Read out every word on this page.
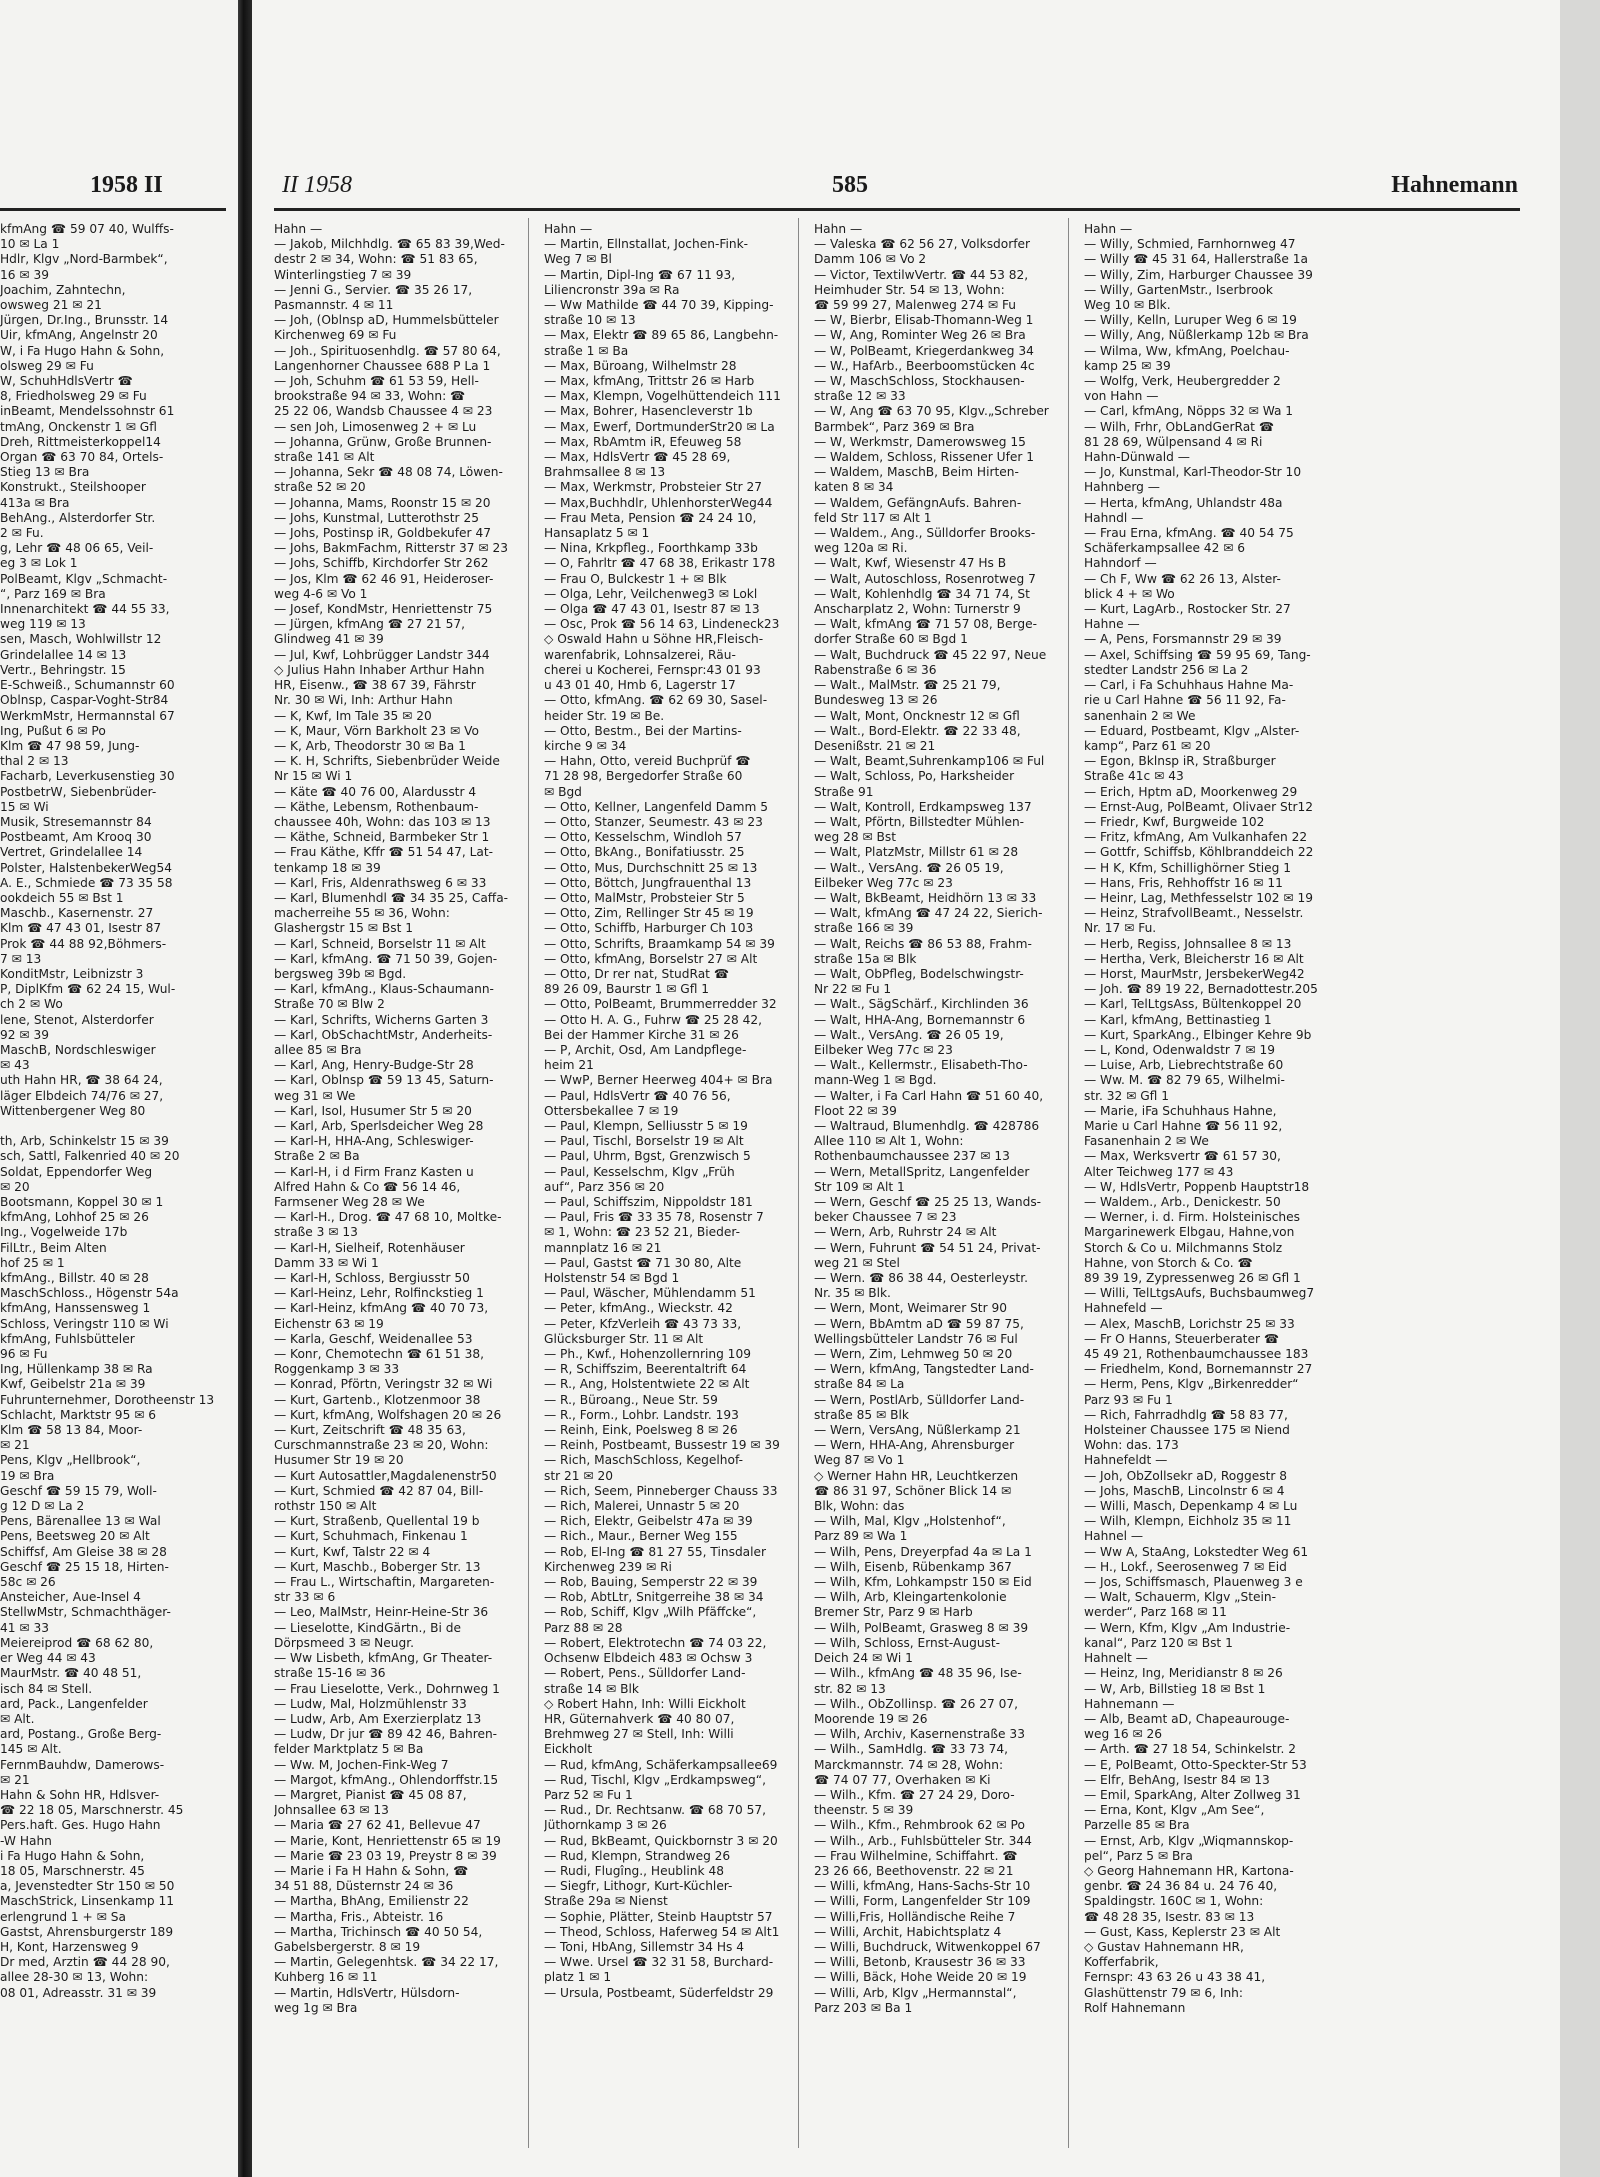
1958 II
kfmAng ☎ 59 07 40, Wulffs-
10 ✉ La 1
Hdlr, Klgv „Nord-Barmbek“,
16 ✉ 39
Joachim, Zahntechn,
owsweg 21 ✉ 21
Jürgen, Dr.Ing., Brunsstr. 14
Uir, kfmAng, Angelnstr 20
W, i Fa Hugo Hahn & Sohn,
olsweg 29 ✉ Fu
W, SchuhHdlsVertr ☎
8, Friedholsweg 29 ✉ Fu
inBeamt, Mendelssohnstr 61
tmAng, Onckenstr 1 ✉ Gfl
Dreh, Rittmeisterkoppel14
Organ ☎ 63 70 84, Ortels-
Stieg 13 ✉ Bra
Konstrukt., Steilshooper
413a ✉ Bra
BehAng., Alsterdorfer Str.
2 ✉ Fu.
g, Lehr ☎ 48 06 65, Veil-
eg 3 ✉ Lok 1
PolBeamt, Klgv „Schmacht-
“, Parz 169 ✉ Bra
Innenarchitekt ☎ 44 55 33,
weg 119 ✉ 13
sen, Masch, Wohlwillstr 12
Grindelallee 14 ✉ 13
Vertr., Behringstr. 15
E-Schweiß., Schumannstr 60
Oblnsp, Caspar-Voght-Str84
WerkmMstr, Hermannstal 67
Ing, Pußut 6 ✉ Po
Klm ☎ 47 98 59, Jung-
thal 2 ✉ 13
Facharb, Leverkusenstieg 30
PostbetrW, Siebenbrüder-
15 ✉ Wi
Musik, Stresemannstr 84
Postbeamt, Am Krooq 30
Vertret, Grindelallee 14
Polster, HalstenbekerWeg54
A. E., Schmiede ☎ 73 35 58
ookdeich 55 ✉ Bst 1
Maschb., Kasernenstr. 27
Klm ☎ 47 43 01, Isestr 87
Prok ☎ 44 88 92,Böhmers-
7 ✉ 13
KonditMstr, Leibnizstr 3
P, DiplKfm ☎ 62 24 15, Wul-
ch 2 ✉ Wo
lene, Stenot, Alsterdorfer
92 ✉ 39
MaschB, Nordschleswiger
✉ 43
uth Hahn HR, ☎ 38 64 24,
läger Elbdeich 74/76 ✉ 27,
Wittenbergener Weg 80

th, Arb, Schinkelstr 15 ✉ 39
sch, Sattl, Falkenried 40 ✉ 20
Soldat, Eppendorfer Weg
✉ 20
Bootsmann, Koppel 30 ✉ 1
kfmAng, Lohhof 25 ✉ 26
Ing., Vogelweide 17b
FilLtr., Beim Alten
hof 25 ✉ 1
kfmAng., Billstr. 40 ✉ 28
MaschSchloss., Högenstr 54a
kfmAng, Hanssensweg 1
Schloss, Veringstr 110 ✉ Wi
kfmAng, Fuhlsbütteler
96 ✉ Fu
Ing, Hüllenkamp 38 ✉ Ra
Kwf, Geibelstr 21a ✉ 39
Fuhrunternehmer, Dorotheenstr 13
Schlacht, Marktstr 95 ✉ 6
Klm ☎ 58 13 84, Moor-
✉ 21
Pens, Klgv „Hellbrook“,
19 ✉ Bra
Geschf ☎ 59 15 79, Woll-
g 12 D ✉ La 2
Pens, Bärenallee 13 ✉ Wal
Pens, Beetsweg 20 ✉ Alt
Schiffsf, Am Gleise 38 ✉ 28
Geschf ☎ 25 15 18, Hirten-
58c ✉ 26
Ansteicher, Aue-Insel 4
StellwMstr, Schmachthäger-
41 ✉ 33
Meiereiprod ☎ 68 62 80,
er Weg 44 ✉ 43
MaurMstr. ☎ 40 48 51,
isch 84 ✉ Stell.
ard, Pack., Langenfelder
✉ Alt.
ard, Postang., Große Berg-
145 ✉ Alt.
FernmBauhdw, Damerows-
✉ 21
Hahn & Sohn HR, Hdlsver-
☎ 22 18 05, Marschnerstr. 45
Pers.haft. Ges. Hugo Hahn
-W Hahn
i Fa Hugo Hahn & Sohn,
18 05, Marschnerstr. 45
a, Jevenstedter Str 150 ✉ 50
MaschStrick, Linsenkamp 11
erlengrund 1 + ✉ Sa
Gastst, Ahrensburgerstr 189
H, Kont, Harzensweg 9
Dr med, Arztin ☎ 44 28 90,
allee 28-30 ✉ 13, Wohn:
08 01, Adreasstr. 31 ✉ 39
II 1958	585	Hahnemann
Hahn —
— Jakob, Milchhdlg. ☎ 65 83 39,Wed-
destr 2 ✉ 34, Wohn: ☎ 51 83 65,
Winterlingstieg 7 ✉ 39
— Jenni G., Servier. ☎ 35 26 17,
Pasmannstr. 4 ✉ 11
— Joh, (Oblnsp aD, Hummelsbütteler
Kirchenweg 69 ✉ Fu
— Joh., Spirituosenhdlg. ☎ 57 80 64,
Langenhorner Chaussee 688 P La 1
— Joh, Schuhm ☎ 61 53 59, Hell-
brookstraße 94 ✉ 33, Wohn: ☎
25 22 06, Wandsb Chaussee 4 ✉ 23
— sen Joh, Limosenweg 2 + ✉ Lu
— Johanna, Grünw, Große Brunnen-
straße 141 ✉ Alt
— Johanna, Sekr ☎ 48 08 74, Löwen-
straße 52 ✉ 20
— Johanna, Mams, Roonstr 15 ✉ 20
— Johs, Kunstmal, Lutterothstr 25
— Johs, Postinsp iR, Goldbekufer 47
— Johs, BakmFachm, Ritterstr 37 ✉ 23
— Johs, Schiffb, Kirchdorfer Str 262
— Jos, Klm ☎ 62 46 91, Heideroser-
weg 4-6 ✉ Vo 1
— Josef, KondMstr, Henriettenstr 75
— Jürgen, kfmAng ☎ 27 21 57,
Glindweg 41 ✉ 39
— Jul, Kwf, Lohbrügger Landstr 344
◇ Julius Hahn Inhaber Arthur Hahn
HR, Eisenw., ☎ 38 67 39, Fährstr
Nr. 30 ✉ Wi, Inh: Arthur Hahn
— K, Kwf, Im Tale 35 ✉ 20
— K, Maur, Vörn Barkholt 23 ✉ Vo
— K, Arb, Theodorstr 30 ✉ Ba 1
— K. H, Schrifts, Siebenbrüder Weide
Nr 15 ✉ Wi 1
— Käte ☎ 40 76 00, Alardusstr 4
— Käthe, Lebensm, Rothenbaum-
chaussee 40h, Wohn: das 103 ✉ 13
— Käthe, Schneid, Barmbeker Str 1
— Frau Käthe, Kffr ☎ 51 54 47, Lat-
tenkamp 18 ✉ 39
— Karl, Fris, Aldenrathsweg 6 ✉ 33
— Karl, Blumenhdl ☎ 34 35 25, Caffa-
macherreihe 55 ✉ 36, Wohn:
Glashergstr 15 ✉ Bst 1
— Karl, Schneid, Borselstr 11 ✉ Alt
— Karl, kfmAng. ☎ 71 50 39, Gojen-
bergsweg 39b ✉ Bgd.
— Karl, kfmAng., Klaus-Schaumann-
Straße 70 ✉ Blw 2
— Karl, Schrifts, Wicherns Garten 3
— Karl, ObSchachtMstr, Anderheits-
allee 85 ✉ Bra
— Karl, Ang, Henry-Budge-Str 28
— Karl, Oblnsp ☎ 59 13 45, Saturn-
weg 31 ✉ We
— Karl, Isol, Husumer Str 5 ✉ 20
— Karl, Arb, Sperlsdeicher Weg 28
— Karl-H, HHA-Ang, Schleswiger-
Straße 2 ✉ Ba
— Karl-H, i d Firm Franz Kasten u
Alfred Hahn & Co ☎ 56 14 46,
Farmsener Weg 28 ✉ We
— Karl-H., Drog. ☎ 47 68 10, Moltke-
straße 3 ✉ 13
— Karl-H, Sielheif, Rotenhäuser
Damm 33 ✉ Wi 1
— Karl-H, Schloss, Bergiusstr 50
— Karl-Heinz, Lehr, Rolfinckstieg 1
— Karl-Heinz, kfmAng ☎ 40 70 73,
Eichenstr 63 ✉ 19
— Karla, Geschf, Weidenallee 53
— Konr, Chemotechn ☎ 61 51 38,
Roggenkamp 3 ✉ 33
— Konrad, Pförtn, Veringstr 32 ✉ Wi
— Kurt, Gartenb., Klotzenmoor 38
— Kurt, kfmAng, Wolfshagen 20 ✉ 26
— Kurt, Zeitschrift ☎ 48 35 63,
Curschmannstraße 23 ✉ 20, Wohn:
Husumer Str 19 ✉ 20
— Kurt Autosattler,Magdalenenstr50
— Kurt, Schmied ☎ 42 87 04, Bill-
rothstr 150 ✉ Alt
— Kurt, Straßenb, Quellental 19 b
— Kurt, Schuhmach, Finkenau 1
— Kurt, Kwf, Talstr 22 ✉ 4
— Kurt, Maschb., Boberger Str. 13
— Frau L., Wirtschaftin, Margareten-
str 33 ✉ 6
— Leo, MalMstr, Heinr-Heine-Str 36
— Lieselotte, KindGärtn., Bi de
Dörpsmeed 3 ✉ Neugr.
— Ww Lisbeth, kfmAng, Gr Theater-
straße 15-16 ✉ 36
— Frau Lieselotte, Verk., Dohrnweg 1
— Ludw, Mal, Holzmühlenstr 33
— Ludw, Arb, Am Exerzierplatz 13
— Ludw, Dr jur ☎ 89 42 46, Bahren-
felder Marktplatz 5 ✉ Ba
— Ww. M, Jochen-Fink-Weg 7
— Margot, kfmAng., Ohlendorffstr.15
— Margret, Pianist ☎ 45 08 87,
Johnsallee 63 ✉ 13
— Maria ☎ 27 62 41, Bellevue 47
— Marie, Kont, Henriettenstr 65 ✉ 19
— Marie ☎ 23 03 19, Preystr 8 ✉ 39
— Marie i Fa H Hahn & Sohn, ☎
34 51 88, Düsternstr 24 ✉ 36
— Martha, BhAng, Emilienstr 22
— Martha, Fris., Abteistr. 16
— Martha, Trichinsch ☎ 40 50 54,
Gabelsbergerstr. 8 ✉ 19
— Martin, Gelegenhtsk. ☎ 34 22 17,
Kuhberg 16 ✉ 11
— Martin, HdlsVertr, Hülsdorn-
weg 1g ✉ Bra
Hahn —
— Martin, Ellnstallat, Jochen-Fink-
Weg 7 ✉ Bl
— Martin, Dipl-Ing ☎ 67 11 93,
Liliencronstr 39a ✉ Ra
— Ww Mathilde ☎ 44 70 39, Kipping-
straße 10 ✉ 13
— Max, Elektr ☎ 89 65 86, Langbehn-
straße 1 ✉ Ba
— Max, Büroang, Wilhelmstr 28
— Max, kfmAng, Trittstr 26 ✉ Harb
— Max, Klempn, Vogelhüttendeich 111
— Max, Bohrer, Hasencleverstr 1b
— Max, Ewerf, DortmunderStr20 ✉ La
— Max, RbAmtm iR, Efeuweg 58
— Max, HdlsVertr ☎ 45 28 69,
Brahmsallee 8 ✉ 13
— Max, Werkmstr, Probsteier Str 27
— Max,Buchhdlr, UhlenhorsterWeg44
— Frau Meta, Pension ☎ 24 24 10,
Hansaplatz 5 ✉ 1
— Nina, Krkpfleg., Foorthkamp 33b
— O, Fahrltr ☎ 47 68 38, Erikastr 178
— Frau O, Bulckestr 1 + ✉ Blk
— Olga, Lehr, Veilchenweg3 ✉ Lokl
— Olga ☎ 47 43 01, Isestr 87 ✉ 13
— Osc, Prok ☎ 56 14 63, Lindeneck23
◇ Oswald Hahn u Söhne HR,Fleisch-
warenfabrik, Lohnsalzerei, Räu-
cherei u Kocherei, Fernspr:43 01 93
u 43 01 40, Hmb 6, Lagerstr 17
— Otto, kfmAng. ☎ 62 69 30, Sasel-
heider Str. 19 ✉ Be.
— Otto, Bestm., Bei der Martins-
kirche 9 ✉ 34
— Hahn, Otto, vereid Buchprüf ☎
71 28 98, Bergedorfer Straße 60
✉ Bgd
— Otto, Kellner, Langenfeld Damm 5
— Otto, Stanzer, Seumestr. 43 ✉ 23
— Otto, Kesselschm, Windloh 57
— Otto, BkAng., Bonifatiusstr. 25
— Otto, Mus, Durchschnitt 25 ✉ 13
— Otto, Böttch, Jungfrauenthal 13
— Otto, MalMstr, Probsteier Str 5
— Otto, Zim, Rellinger Str 45 ✉ 19
— Otto, Schiffb, Harburger Ch 103
— Otto, Schrifts, Braamkamp 54 ✉ 39
— Otto, kfmAng, Borselstr 27 ✉ Alt
— Otto, Dr rer nat, StudRat ☎
89 26 09, Baurstr 1 ✉ Gfl 1
— Otto, PolBeamt, Brummerredder 32
— Otto H. A. G., Fuhrw ☎ 25 28 42,
Bei der Hammer Kirche 31 ✉ 26
— P, Archit, Osd, Am Landpflege-
heim 21
— WwP, Berner Heerweg 404+ ✉ Bra
— Paul, HdlsVertr ☎ 40 76 56,
Ottersbekallee 7 ✉ 19
— Paul, Klempn, Selliusstr 5 ✉ 19
— Paul, Tischl, Borselstr 19 ✉ Alt
— Paul, Uhrm, Bgst, Grenzwisch 5
— Paul, Kesselschm, Klgv „Früh
auf“, Parz 356 ✉ 20
— Paul, Schiffszim, Nippoldstr 181
— Paul, Fris ☎ 33 35 78, Rosenstr 7
✉ 1, Wohn: ☎ 23 52 21, Bieder-
mannplatz 16 ✉ 21
— Paul, Gastst ☎ 71 30 80, Alte
Holstenstr 54 ✉ Bgd 1
— Paul, Wäscher, Mühlendamm 51
— Peter, kfmAng., Wieckstr. 42
— Peter, KfzVerleih ☎ 43 73 33,
Glücksburger Str. 11 ✉ Alt
— Ph., Kwf., Hohenzollernring 109
— R, Schiffszim, Beerentaltrift 64
— R., Ang, Holstentwiete 22 ✉ Alt
— R., Büroang., Neue Str. 59
— R., Form., Lohbr. Landstr. 193
— Reinh, Eink, Poelsweg 8 ✉ 26
— Reinh, Postbeamt, Bussestr 19 ✉ 39
— Rich, MaschSchloss, Kegelhof-
str 21 ✉ 20
— Rich, Seem, Pinneberger Chauss 33
— Rich, Malerei, Unnastr 5 ✉ 20
— Rich, Elektr, Geibelstr 47a ✉ 39
— Rich., Maur., Berner Weg 155
— Rob, El-Ing ☎ 81 27 55, Tinsdaler
Kirchenweg 239 ✉ Ri
— Rob, Bauing, Semperstr 22 ✉ 39
— Rob, AbtLtr, Snitgerreihe 38 ✉ 34
— Rob, Schiff, Klgv „Wilh Pfäffcke“,
Parz 88 ✉ 28
— Robert, Elektrotechn ☎ 74 03 22,
Ochsenw Elbdeich 483 ✉ Ochsw 3
— Robert, Pens., Sülldorfer Land-
straße 14 ✉ Blk
◇ Robert Hahn, Inh: Willi Eickholt
HR, Güternahverk ☎ 40 80 07,
Brehmweg 27 ✉ Stell, Inh: Willi
Eickholt
— Rud, kfmAng, Schäferkampsallee69
— Rud, Tischl, Klgv „Erdkampsweg“,
Parz 52 ✉ Fu 1
— Rud., Dr. Rechtsanw. ☎ 68 70 57,
Jüthornkamp 3 ✉ 26
— Rud, BkBeamt, Quickbornstr 3 ✉ 20
— Rud, Klempn, Strandweg 26
— Rudi, Flugîng., Heublink 48
— Siegfr, Lithogr, Kurt-Küchler-
Straße 29a ✉ Nienst
— Sophie, Plätter, Steinb Hauptstr 57
— Theod, Schloss, Haferweg 54 ✉ Alt1
— Toni, HbAng, Sillemstr 34 Hs 4
— Wwe. Ursel ☎ 32 31 58, Burchard-
platz 1 ✉ 1
— Ursula, Postbeamt, Süderfeldstr 29
Hahn —
— Valeska ☎ 62 56 27, Volksdorfer
Damm 106 ✉ Vo 2
— Victor, TextilwVertr. ☎ 44 53 82,
Heimhuder Str. 54 ✉ 13, Wohn:
☎ 59 99 27, Malenweg 274 ✉ Fu
— W, Bierbr, Elisab-Thomann-Weg 1
— W, Ang, Rominter Weg 26 ✉ Bra
— W, PolBeamt, Kriegerdankweg 34
— W., HafArb., Beerboomstücken 4c
— W, MaschSchloss, Stockhausen-
straße 12 ✉ 33
— W, Ang ☎ 63 70 95, Klgv.„Schreber
Barmbek“, Parz 369 ✉ Bra
— W, Werkmstr, Damerowsweg 15
— Waldem, Schloss, Rissener Ufer 1
— Waldem, MaschB, Beim Hirten-
katen 8 ✉ 34
— Waldem, GefängnAufs. Bahren-
feld Str 117 ✉ Alt 1
— Waldem., Ang., Sülldorfer Brooks-
weg 120a ✉ Ri.
— Walt, Kwf, Wiesenstr 47 Hs B
— Walt, Autoschloss, Rosenrotweg 7
— Walt, Kohlenhdlg ☎ 34 71 74, St
Anscharplatz 2, Wohn: Turnerstr 9
— Walt, kfmAng ☎ 71 57 08, Berge-
dorfer Straße 60 ✉ Bgd 1
— Walt, Buchdruck ☎ 45 22 97, Neue
Rabenstraße 6 ✉ 36
— Walt., MalMstr. ☎ 25 21 79,
Bundesweg 13 ✉ 26
— Walt, Mont, Oncknestr 12 ✉ Gfl
— Walt., Bord-Elektr. ☎ 22 33 48,
Desenißstr. 21 ✉ 21
— Walt, Beamt,Suhrenkamp106 ✉ Ful
— Walt, Schloss, Po, Harksheider
Straße 91
— Walt, Kontroll, Erdkampsweg 137
— Walt, Pförtn, Billstedter Mühlen-
weg 28 ✉ Bst
— Walt, PlatzMstr, Millstr 61 ✉ 28
— Walt., VersAng. ☎ 26 05 19,
Eilbeker Weg 77c ✉ 23
— Walt, BkBeamt, Heidhörn 13 ✉ 33
— Walt, kfmAng ☎ 47 24 22, Sierich-
straße 166 ✉ 39
— Walt, Reichs ☎ 86 53 88, Frahm-
straße 15a ✉ Blk
— Walt, ObPfleg, Bodelschwingstr-
Nr 22 ✉ Fu 1
— Walt., SägSchärf., Kirchlinden 36
— Walt, HHA-Ang, Bornemannstr 6
— Walt., VersAng. ☎ 26 05 19,
Eilbeker Weg 77c ✉ 23
— Walt., Kellermstr., Elisabeth-Tho-
mann-Weg 1 ✉ Bgd.
— Walter, i Fa Carl Hahn ☎ 51 60 40,
Floot 22 ✉ 39
— Waltraud, Blumenhdlg. ☎ 428786
Allee 110 ✉ Alt 1, Wohn:
Rothenbaumchaussee 237 ✉ 13
— Wern, MetallSpritz, Langenfelder
Str 109 ✉ Alt 1
— Wern, Geschf ☎ 25 25 13, Wands-
beker Chaussee 7 ✉ 23
— Wern, Arb, Ruhrstr 24 ✉ Alt
— Wern, Fuhrunt ☎ 54 51 24, Privat-
weg 21 ✉ Stel
— Wern. ☎ 86 38 44, Oesterleystr.
Nr. 35 ✉ Blk.
— Wern, Mont, Weimarer Str 90
— Wern, BbAmtm aD ☎ 59 87 75,
Wellingsbütteler Landstr 76 ✉ Ful
— Wern, Zim, Lehmweg 50 ✉ 20
— Wern, kfmAng, Tangstedter Land-
straße 84 ✉ La
— Wern, PostlArb, Sülldorfer Land-
straße 85 ✉ Blk
— Wern, VersAng, Nüßlerkamp 21
— Wern, HHA-Ang, Ahrensburger
Weg 87 ✉ Vo 1
◇ Werner Hahn HR, Leuchtkerzen
☎ 86 31 97, Schöner Blick 14 ✉
Blk, Wohn: das
— Wilh, Mal, Klgv „Holstenhof“,
Parz 89 ✉ Wa 1
— Wilh, Pens, Dreyerpfad 4a ✉ La 1
— Wilh, Eisenb, Rübenkamp 367
— Wilh, Kfm, Lohkampstr 150 ✉ Eid
— Wilh, Arb, Kleingartenkolonie
Bremer Str, Parz 9 ✉ Harb
— Wilh, PolBeamt, Grasweg 8 ✉ 39
— Wilh, Schloss, Ernst-August-
Deich 24 ✉ Wi 1
— Wilh., kfmAng ☎ 48 35 96, Ise-
str. 82 ✉ 13
— Wilh., ObZollinsp. ☎ 26 27 07,
Moorende 19 ✉ 26
— Wilh, Archiv, Kasernenstraße 33
— Wilh., SamHdlg. ☎ 33 73 74,
Marckmannstr. 74 ✉ 28, Wohn:
☎ 74 07 77, Overhaken ✉ Ki
— Wilh., Kfm. ☎ 27 24 29, Doro-
theenstr. 5 ✉ 39
— Wilh., Kfm., Rehmbrook 62 ✉ Po
— Wilh., Arb., Fuhlsbütteler Str. 344
— Frau Wilhelmine, Schiffahrt. ☎
23 26 66, Beethovenstr. 22 ✉ 21
— Willi, kfmAng, Hans-Sachs-Str 10
— Willi, Form, Langenfelder Str 109
— Willi,Fris, Holländische Reihe 7
— Willi, Archit, Habichtsplatz 4
— Willi, Buchdruck, WitwenkoppeI 67
— Willi, Betonb, Krausestr 36 ✉ 33
— Willi, Bäck, Hohe Weide 20 ✉ 19
— Willi, Arb, Klgv „Hermannstal“,
Parz 203 ✉ Ba 1
Hahn —
— Willy, Schmied, Farnhornweg 47
— Willy ☎ 45 31 64, Hallerstraße 1a
— Willy, Zim, Harburger Chaussee 39
— Willy, GartenMstr., Iserbrook
Weg 10 ✉ Blk.
— Willy, Kelln, Luruper Weg 6 ✉ 19
— Willy, Ang, Nüßlerkamp 12b ✉ Bra
— Wilma, Ww, kfmAng, Poelchau-
kamp 25 ✉ 39
— Wolfg, Verk, Heubergredder 2
von Hahn —
— Carl, kfmAng, Nöpps 32 ✉ Wa 1
— Wilh, Frhr, ObLandGerRat ☎
81 28 69, Wülpensand 4 ✉ Ri
Hahn-Dünwald —
— Jo, Kunstmal, Karl-Theodor-Str 10
Hahnberg —
— Herta, kfmAng, Uhlandstr 48a
Hahndl —
— Frau Erna, kfmAng. ☎ 40 54 75
Schäferkampsallee 42 ✉ 6
Hahndorf —
— Ch F, Ww ☎ 62 26 13, Alster-
blick 4 + ✉ Wo
— Kurt, LagArb., Rostocker Str. 27
Hahne —
— A, Pens, Forsmannstr 29 ✉ 39
— Axel, Schiffsing ☎ 59 95 69, Tang-
stedter Landstr 256 ✉ La 2
— Carl, i Fa Schuhhaus Hahne Ma-
rie u Carl Hahne ☎ 56 11 92, Fa-
sanenhain 2 ✉ We
— Eduard, Postbeamt, Klgv „Alster-
kamp“, Parz 61 ✉ 20
— Egon, Bklnsp iR, Straßburger
Straße 41c ✉ 43
— Erich, Hptm aD, Moorkenweg 29
— Ernst-Aug, PolBeamt, Olivaer Str12
— Friedr, Kwf, Burgweide 102
— Fritz, kfmAng, Am Vulkanhafen 22
— Gottfr, Schiffsb, Köhlbranddeich 22
— H K, Kfm, Schillighörner Stieg 1
— Hans, Fris, Rehhoffstr 16 ✉ 11
— Heinr, Lag, Methfesselstr 102 ✉ 19
— Heinz, StrafvollBeamt., Nesselstr.
Nr. 17 ✉ Fu.
— Herb, Regiss, Johnsallee 8 ✉ 13
— Hertha, Verk, Bleicherstr 16 ✉ Alt
— Horst, MaurMstr, JersbekerWeg42
— Joh. ☎ 89 19 22, Bernadottestr.205
— Karl, TelLtgsAss, Bültenkoppel 20
— Karl, kfmAng, Bettinastieg 1
— Kurt, SparkAng., Elbinger Kehre 9b
— L, Kond, Odenwaldstr 7 ✉ 19
— Luise, Arb, Liebrechtstraße 60
— Ww. M. ☎ 82 79 65, Wilhelmi-
str. 32 ✉ Gfl 1
— Marie, iFa Schuhhaus Hahne,
Marie u Carl Hahne ☎ 56 11 92,
Fasanenhain 2 ✉ We
— Max, Werksvertr ☎ 61 57 30,
Alter Teichweg 177 ✉ 43
— W, HdlsVertr, Poppenb Hauptstr18
— Waldem., Arb., Denickestr. 50
— Werner, i. d. Firm. Holsteinisches
Margarinewerk Elbgau, Hahne,von
Storch & Co u. Milchmanns Stolz
Hahne, von Storch & Co. ☎
89 39 19, Zypressenweg 26 ✉ Gfl 1
— Willi, TelLtgsAufs, Buchsbaumweg7
Hahnefeld —
— Alex, MaschB, Lorichstr 25 ✉ 33
— Fr O Hanns, Steuerberater ☎
45 49 21, Rothenbaumchaussee 183
— Friedhelm, Kond, Bornemannstr 27
— Herm, Pens, Klgv „Birkenredder“
Parz 93 ✉ Fu 1
— Rich, Fahrradhdlg ☎ 58 83 77,
Holsteiner Chaussee 175 ✉ Niend
Wohn: das. 173
Hahnefeldt —
— Joh, ObZollsekr aD, Roggestr 8
— Johs, MaschB, Lincolnstr 6 ✉ 4
— Willi, Masch, Depenkamp 4 ✉ Lu
— Wilh, Klempn, Eichholz 35 ✉ 11
Hahnel —
— Ww A, StaAng, Lokstedter Weg 61
— H., Lokf., Seerosenweg 7 ✉ Eid
— Jos, Schiffsmasch, Plauenweg 3 e
— Walt, Schauerm, Klgv „Stein-
werder“, Parz 168 ✉ 11
— Wern, Kfm, Klgv „Am Industrie-
kanal“, Parz 120 ✉ Bst 1
Hahnelt —
— Heinz, Ing, Meridianstr 8 ✉ 26
— W, Arb, Billstieg 18 ✉ Bst 1
Hahnemann —
— Alb, Beamt aD, Chapeaurouge-
weg 16 ✉ 26
— Arth. ☎ 27 18 54, Schinkelstr. 2
— E, PolBeamt, Otto-Speckter-Str 53
— Elfr, BehAng, Isestr 84 ✉ 13
— Emil, SparkAng, Alter Zollweg 31
— Erna, Kont, Klgv „Am See“,
Parzelle 85 ✉ Bra
— Ernst, Arb, Klgv „Wiqmannskop-
pel“, Parz 5 ✉ Bra
◇ Georg Hahnemann HR, Kartona-
genbr. ☎ 24 36 84 u. 24 76 40,
Spaldingstr. 160C ✉ 1, Wohn:
☎ 48 28 35, Isestr. 83 ✉ 13
— Gust, Kass, Keplerstr 23 ✉ Alt
◇ Gustav Hahnemann HR,
Kofferfabrik,
Fernspr: 43 63 26 u 43 38 41,
Glashüttenstr 79 ✉ 6, Inh:
Rolf Hahnemann
